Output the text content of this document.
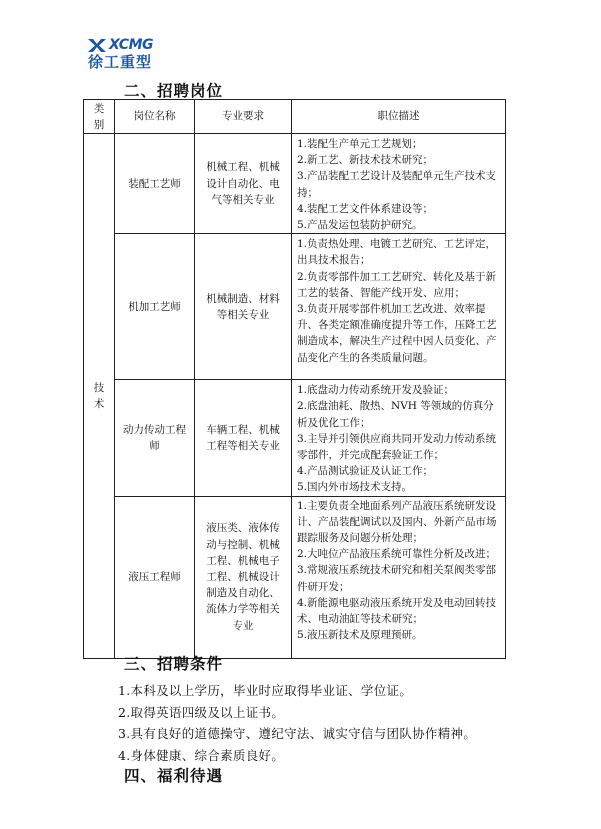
XCMG
徐工重型
二、招聘岗位
类别	岗位名称	专业要求	职位描述
技术	装配工艺师	机械工程、机械设计自动化、电气等相关专业	1.装配生产单元工艺规划；
2.新工艺、新技术技术研究；
3.产品装配工艺设计及装配单元生产技术支持；
4.装配工艺文件体系建设等；
5.产品发运包装防护研究。

	机加工艺师	机械制造、材料等相关专业	1.负责热处理、电镀工艺研究、工艺评定，出具技术报告；
2.负责零部件加工工艺研究、转化及基于新工艺的装备、智能产线开发、应用；
3.负责开展零部件机加工艺改进、效率提升、各类定额准确度提升等工作，压降工艺制造成本，解决生产过程中因人员变化、产品变化产生的各类质量问题。

	动力传动工程师	车辆工程、机械工程等相关专业	1.底盘动力传动系统开发及验证；
2.底盘油耗、散热、NVH 等领域的仿真分析及优化工作；
3.主导并引领供应商共同开发动力传动系统零部件，并完成配套验证工作；
4.产品测试验证及认证工作；
5.国内外市场技术支持。

	液压工程师	液压类、液体传动与控制、机械工程、机械电子工程、机械设计制造及自动化、流体力学等相关专业	1.主要负责全地面系列产品液压系统研发设计、产品装配调试以及国内、外新产品市场跟踪服务及问题分析处理；
2.大吨位产品液压系统可靠性分析及改进；
3.常规液压系统技术研究和相关泵阀类零部件研开发；
4.新能源电驱动液压系统开发及电动回转技术、电动油缸等技术研究；
5.液压新技术及原理预研。
三、招聘条件
1.本科及以上学历，毕业时应取得毕业证、学位证。
2.取得英语四级及以上证书。
3.具有良好的道德操守、遵纪守法、诚实守信与团队协作精神。
4.身体健康、综合素质良好。
四、福利待遇
